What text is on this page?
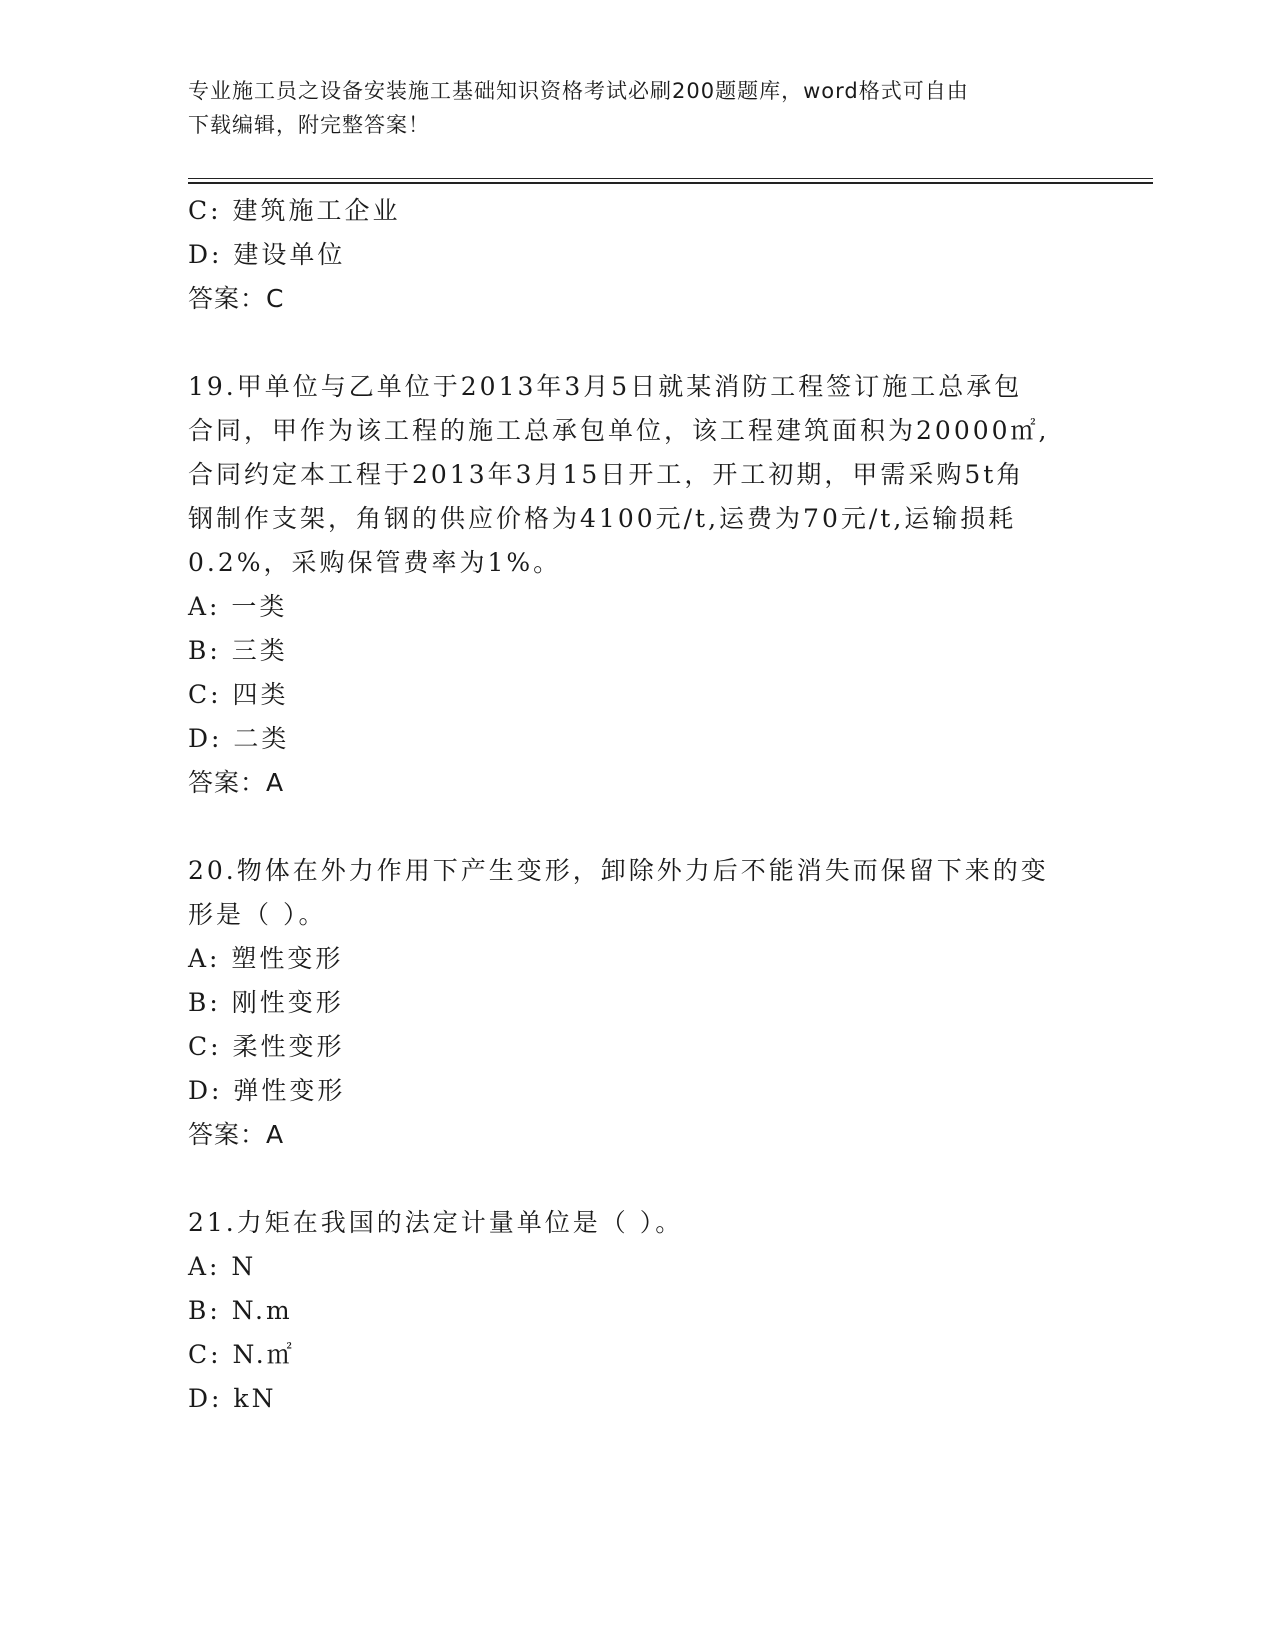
专业施工员之设备安装施工基础知识资格考试必刷200题题库，word格式可自由
下载编辑，附完整答案！
C: 建筑施工企业
D: 建设单位
答案：C
19.甲单位与乙单位于2013年3月5日就某消防工程签订施工总承包
合同，甲作为该工程的施工总承包单位，该工程建筑面积为20000㎡,
合同约定本工程于2013年3月15日开工，开工初期，甲需采购5t角
钢制作支架，角钢的供应价格为4100元/t,运费为70元/t,运输损耗
0.2%，采购保管费率为1%。
A: 一类
B: 三类
C: 四类
D: 二类
答案：A
20.物体在外力作用下产生变形，卸除外力后不能消失而保留下来的变
形是（ ）。
A: 塑性变形
B: 刚性变形
C: 柔性变形
D: 弹性变形
答案：A
21.力矩在我国的法定计量单位是（ ）。
A: N
B: N.m
C: N.㎡
D: kN
